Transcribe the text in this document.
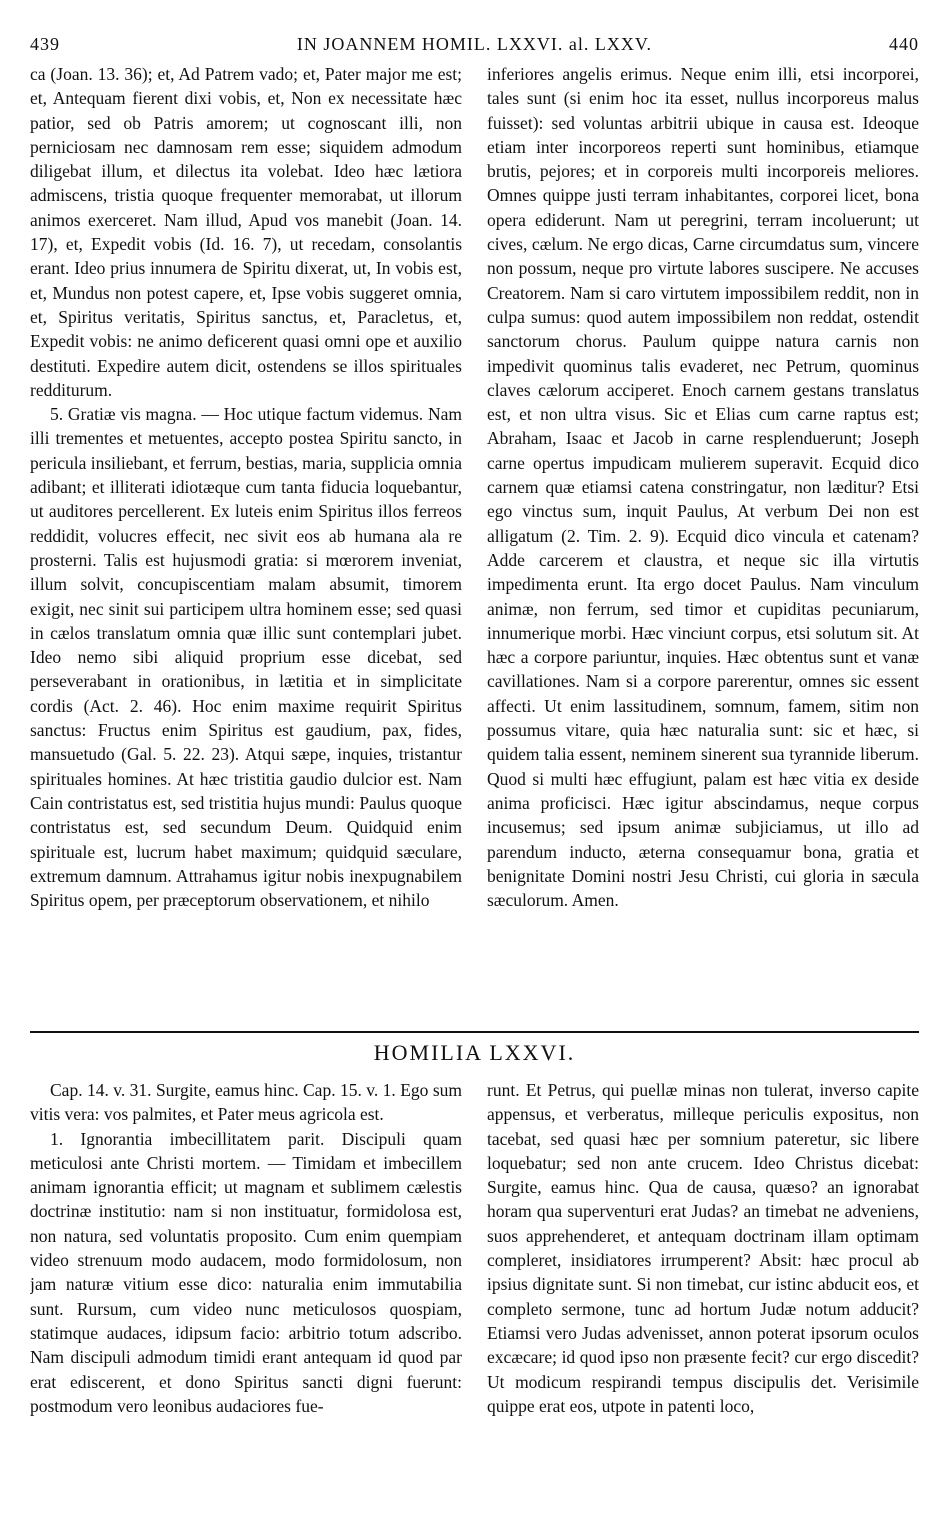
439	IN JOANNEM HOMIL. LXXVI. al. LXXV.	440

ca (Joan. 13. 36); et, Ad Patrem vado; et, Pater major me est; et, Antequam fierent dixi vobis, et, Non ex necessitate hæc patior, sed ob Patris amorem; ut cognoscant illi, non perniciosam nec damnosam rem esse; siquidem admodum diligebat illum, et dilectus ita volebat. Ideo hæc lætiora admiscens, tristia quoque frequenter memorabat, ut illorum animos exerceret. Nam illud, Apud vos manebit (Joan. 14. 17), et, Expedit vobis (Id. 16. 7), ut recedam, consolantis erant. Ideo prius innumera de Spiritu dixerat, ut, In vobis est, et, Mundus non potest capere, et, Ipse vobis suggeret omnia, et, Spiritus veritatis, Spiritus sanctus, et, Paracletus, et, Expedit vobis: ne animo deficerent quasi omni ope et auxilio destituti. Expedire autem dicit, ostendens se illos spirituales redditurum.

5. Gratiæ vis magna. — Hoc utique factum videmus. Nam illi trementes et metuentes, accepto postea Spiritu sancto, in pericula insiliebant, et ferrum, bestias, maria, supplicia omnia adibant; et illiterati idiotæque cum tanta fiducia loquebantur, ut auditores percellerent. Ex luteis enim Spiritus illos ferreos reddidit, volucres effecit, nec sivit eos ab humana ala re prosterni. Talis est hujusmodi gratia: si mœrorem inveniat, illum solvit, concupiscentiam malam absumit, timorem exigit, nec sinit sui participem ultra hominem esse; sed quasi in cælos translatum omnia quæ illic sunt contemplari jubet. Ideo nemo sibi aliquid proprium esse dicebat, sed perseverabant in orationibus, in lætitia et in simplicitate cordis (Act. 2. 46). Hoc enim maxime requirit Spiritus sanctus: Fructus enim Spiritus est gaudium, pax, fides, mansuetudo (Gal. 5. 22. 23). Atqui sæpe, inquies, tristantur spirituales homines. At hæc tristitia gaudio dulcior est. Nam Cain contristatus est, sed tristitia hujus mundi: Paulus quoque contristatus est, sed secundum Deum. Quidquid enim spirituale est, lucrum habet maximum; quidquid sæculare, extremum damnum. Attrahamus igitur nobis inexpugnabilem Spiritus opem, per præceptorum observationem, et nihilo

inferiores angelis erimus. Neque enim illi, etsi incorporei, tales sunt (si enim hoc ita esset, nullus incorporeus malus fuisset): sed voluntas arbitrii ubique in causa est. Ideoque etiam inter incorporeos reperti sunt hominibus, etiamque brutis, pejores; et in corporeis multi incorporeis meliores. Omnes quippe justi terram inhabitantes, corporei licet, bona opera ediderunt. Nam ut peregrini, terram incoluerunt; ut cives, cælum. Ne ergo dicas, Carne circumdatus sum, vincere non possum, neque pro virtute labores suscipere. Ne accuses Creatorem. Nam si caro virtutem impossibilem reddit, non in culpa sumus: quod autem impossibilem non reddat, ostendit sanctorum chorus. Paulum quippe natura carnis non impedivit quominus talis evaderet, nec Petrum, quominus claves cælorum acciperet. Enoch carnem gestans translatus est, et non ultra visus. Sic et Elias cum carne raptus est; Abraham, Isaac et Jacob in carne resplenduerunt; Joseph carne opertus impudicam mulierem superavit. Ecquid dico carnem quæ etiamsi catena constringatur, non læditur? Etsi ego vinctus sum, inquit Paulus, At verbum Dei non est alligatum (2. Tim. 2. 9). Ecquid dico vincula et catenam? Adde carcerem et claustra, et neque sic illa virtutis impedimenta erunt. Ita ergo docet Paulus. Nam vinculum animæ, non ferrum, sed timor et cupiditas pecuniarum, innumerique morbi. Hæc vinciunt corpus, etsi solutum sit. At hæc a corpore pariuntur, inquies. Hæc obtentus sunt et vanæ cavillationes. Nam si a corpore parerentur, omnes sic essent affecti. Ut enim lassitudinem, somnum, famem, sitim non possumus vitare, quia hæc naturalia sunt: sic et hæc, si quidem talia essent, neminem sinerent sua tyrannide liberum. Quod si multi hæc effugiunt, palam est hæc vitia ex deside anima proficisci. Hæc igitur abscindamus, neque corpus incusemus; sed ipsum animæ subjiciamus, ut illo ad parendum inducto, æterna consequamur bona, gratia et benignitate Domini nostri Jesu Christi, cui gloria in sæcula sæculorum. Amen.

HOMILIA LXXVI.

Cap. 14. v. 31. Surgite, eamus hinc. Cap. 15. v. 1. Ego sum vitis vera: vos palmites, et Pater meus agricola est.

1. Ignorantia imbecillitatem parit. Discipuli quam meticulosi ante Christi mortem. — Timidam et imbecillem animam ignorantia efficit; ut magnam et sublimem cælestis doctrinæ institutio: nam si non instituatur, formidolosa est, non natura, sed voluntatis proposito. Cum enim quempiam video strenuum modo audacem, modo formidolosum, non jam naturæ vitium esse dico: naturalia enim immutabilia sunt. Rursum, cum video nunc meticulosos quospiam, statimque audaces, idipsum facio: arbitrio totum adscribo. Nam discipuli admodum timidi erant antequam id quod par erat ediscerent, et dono Spiritus sancti digni fuerunt: postmodum vero leonibus audaciores fue-

runt. Et Petrus, qui puellæ minas non tulerat, inverso capite appensus, et verberatus, milleque periculis expositus, non tacebat, sed quasi hæc per somnium pateretur, sic libere loquebatur; sed non ante crucem. Ideo Christus dicebat: Surgite, eamus hinc. Qua de causa, quæso? an ignorabat horam qua superventuri erat Judas? an timebat ne adveniens, suos apprehenderet, et antequam doctrinam illam optimam compleret, insidiatores irrumperent? Absit: hæc procul ab ipsius dignitate sunt. Si non timebat, cur istinc abducit eos, et completo sermone, tunc ad hortum Judæ notum adducit? Etiamsi vero Judas advenisset, annon poterat ipsorum oculos excæcare; id quod ipso non præsente fecit? cur ergo discedit? Ut modicum respirandi tempus discipulis det. Verisimile quippe erat eos, utpote in patenti loco,
